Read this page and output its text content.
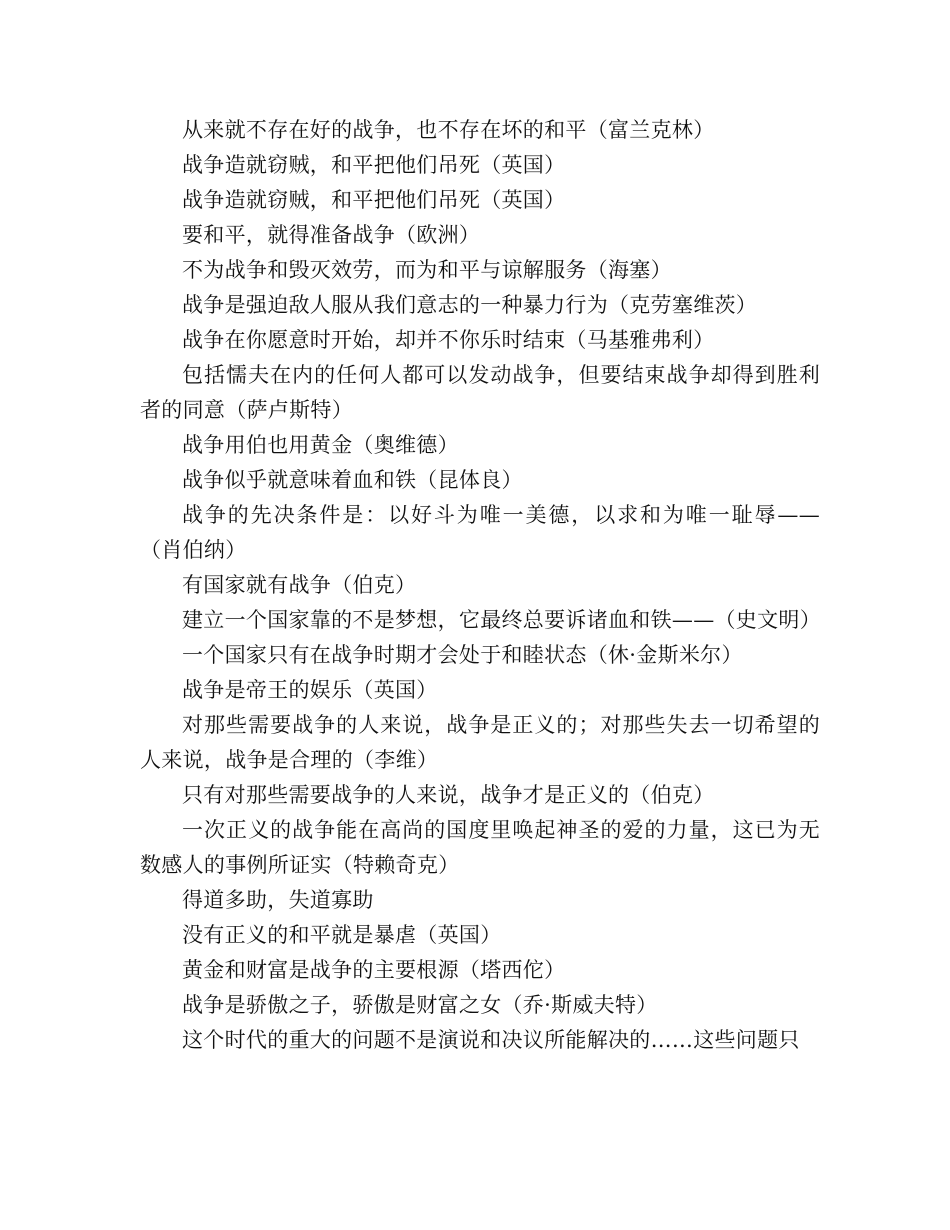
从来就不存在好的战争，也不存在坏的和平（富兰克林）

战争造就窃贼，和平把他们吊死（英国）

战争造就窃贼，和平把他们吊死（英国）

要和平，就得准备战争（欧洲）

不为战争和毁灭效劳，而为和平与谅解服务（海塞）

战争是强迫敌人服从我们意志的一种暴力行为（克劳塞维茨）

战争在你愿意时开始，却并不你乐时结束（马基雅弗利）

包括懦夫在内的任何人都可以发动战争，但要结束战争却得到胜利者的同意（萨卢斯特）

战争用伯也用黄金（奥维德）

战争似乎就意味着血和铁（昆体良）

战争的先决条件是：以好斗为唯一美德，以求和为唯一耻辱——（肖伯纳）

有国家就有战争（伯克）

建立一个国家靠的不是梦想，它最终总要诉诸血和铁——（史文明）

一个国家只有在战争时期才会处于和睦状态（休·金斯米尔）

战争是帝王的娱乐（英国）

对那些需要战争的人来说，战争是正义的；对那些失去一切希望的人来说，战争是合理的（李维）

只有对那些需要战争的人来说，战争才是正义的（伯克）

一次正义的战争能在高尚的国度里唤起神圣的爱的力量，这已为无数感人的事例所证实（特赖奇克）

得道多助，失道寡助

没有正义的和平就是暴虐（英国）

黄金和财富是战争的主要根源（塔西佗）

战争是骄傲之子，骄傲是财富之女（乔·斯威夫特）

这个时代的重大的问题不是演说和决议所能解决的……这些问题只
